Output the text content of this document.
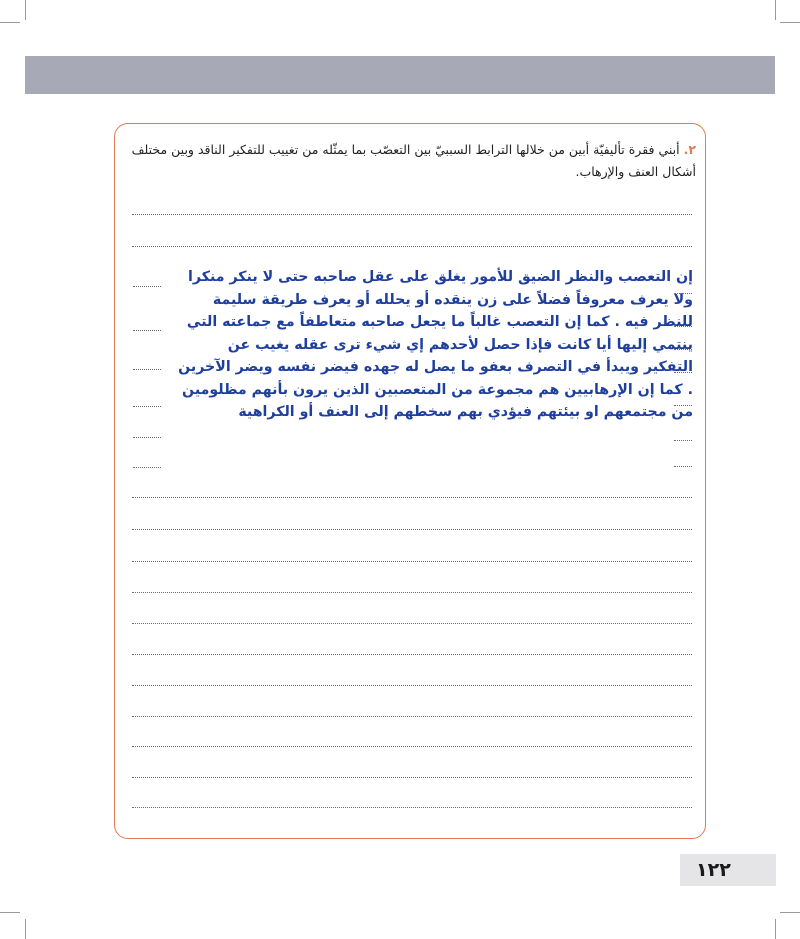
٢. أبني فقرة تأليفيّة أبين من خلالها الترابط السببيّ بين التعصّب بما يمثّله من تغييب للتفكير الناقد وبين مختلف أشكال العنف والإرهاب.
إن التعصب والنظر الضيق للأمور يغلق على عقل صاحبه حتى لا ينكر منكرا
ولا يعرف معروفاً فضلاً على زن ينقده أو يحلله أو يعرف طريقة سليمة
للنظر فيه . كما إن التعصب غالباً ما يجعل صاحبه متعاطفاً مع جماعته التي
ينتمي إليها أيا كانت فإذا حصل لأحدهم إي شيء ترى عقله يغيب عن
التفكير ويبدأ في التصرف بعفو ما يصل له جهده فيضر نفسه ويضر الآخرين
. كما إن الإرهابيين هم مجموعة من المتعصبين الذين يرون بأنهم مظلومين
من مجتمعهم او بيئتهم فيؤدي بهم سخطهم إلى العنف أو الكراهية
١٢٢
